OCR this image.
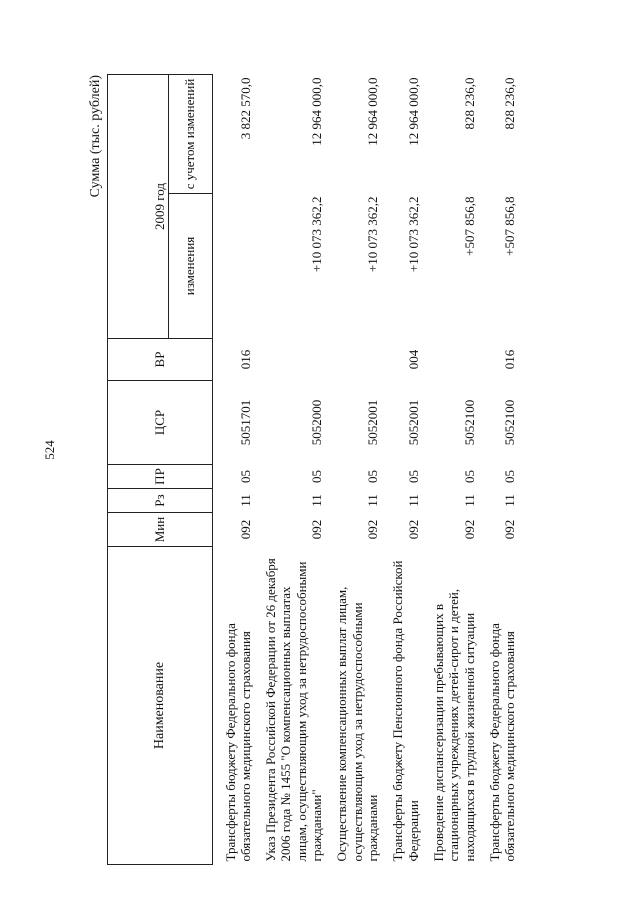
524
Сумма (тыс. рублей)
Наименование	Мин	Рз	ПР	ЦСР	ВР		
						2009 год	
						изменения	с учетом изменений
Трансферты бюджету Федерального фонда обязательного медицинского страхования	092	11	05	5051701	016		3 822 570,0
Указ Президента Российской Федерации от 26 декабря 2006 года № 1455 "О компенсационных выплатах лицам, осуществляющим уход за нетрудоспособными гражданами"	092	11	05	5052000		+10 073 362,2	12 964 000,0
Осуществление компенсационных выплат лицам, осуществляющим уход за нетрудоспособными гражданами	092	11	05	5052001		+10 073 362,2	12 964 000,0
Трансферты бюджету Пенсионного фонда Российской Федерации	092	11	05	5052001	004	+10 073 362,2	12 964 000,0
Проведение диспансеризации пребывающих в стационарных учреждениях детей-сирот и детей, находящихся в трудной жизненной ситуации	092	11	05	5052100		+507 856,8	828 236,0
Трансферты бюджету Федерального фонда обязательного медицинского страхования	092	11	05	5052100	016	+507 856,8	828 236,0
